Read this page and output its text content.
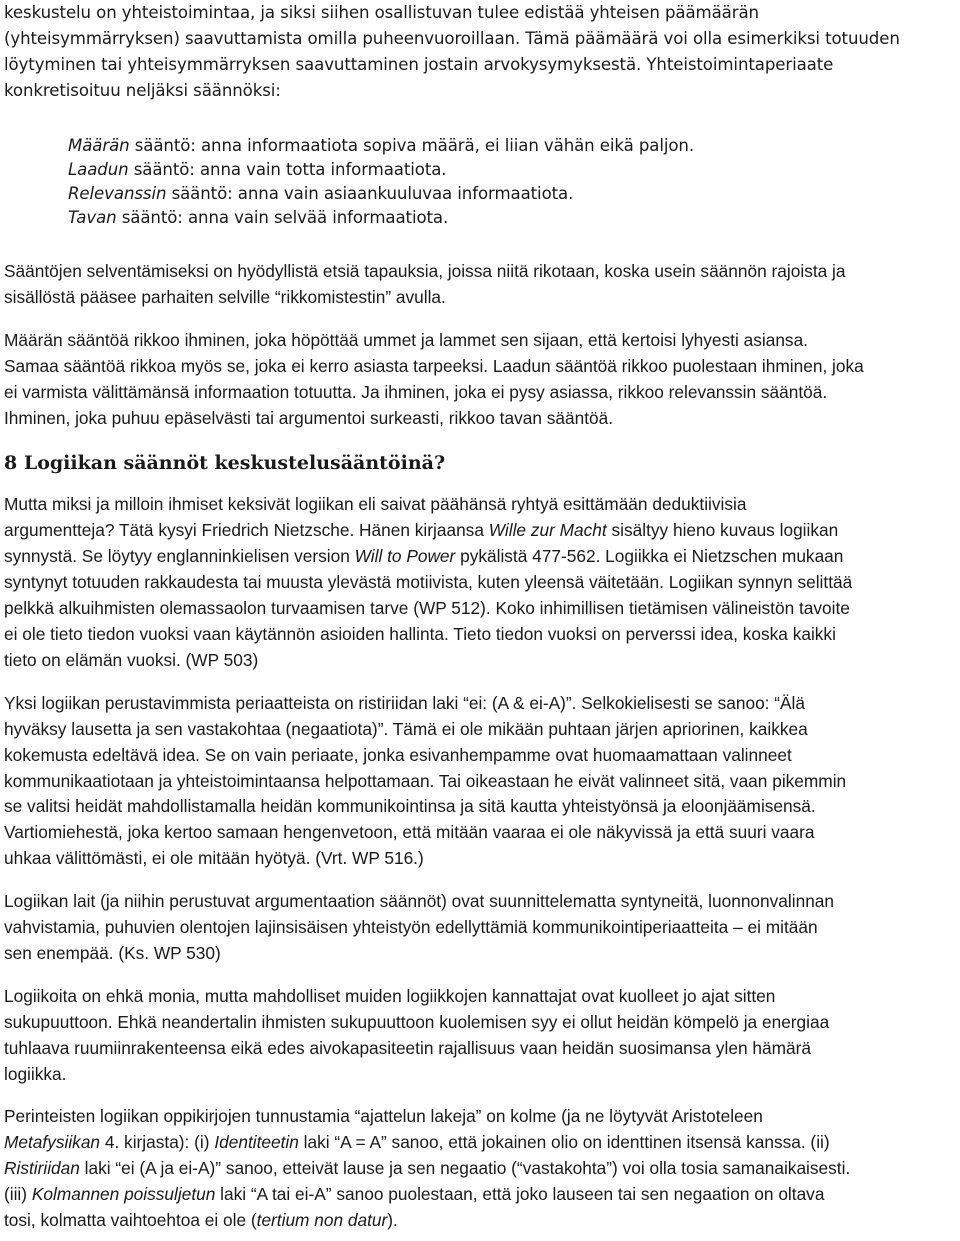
keskustelu on yhteistoimintaa, ja siksi siihen osallistuvan tulee edistää yhteisen päämäärän
(yhteisymmärryksen) saavuttamista omilla puheenvuoroillaan. Tämä päämäärä voi olla esimerkiksi totuuden
löytyminen tai yhteisymmärryksen saavuttaminen jostain arvokysymyksestä. Yhteistoimintaperiaate
konkretisoituu neljäksi säännöksi:
Määrän sääntö: anna informaatiota sopiva määrä, ei liian vähän eikä paljon.
Laadun sääntö: anna vain totta informaatiota.
Relevanssin sääntö: anna vain asiaankuuluvaa informaatiota.
Tavan sääntö: anna vain selvää informaatiota.

Sääntöjen selventämiseksi on hyödyllistä etsiä tapauksia, joissa niitä rikotaan, koska usein säännön rajoista ja
sisällöstä pääsee parhaiten selville “rikkomistestin” avulla.

Määrän sääntöä rikkoo ihminen, joka höpöttää ummet ja lammet sen sijaan, että kertoisi lyhyesti asiansa.
Samaa sääntöä rikkoa myös se, joka ei kerro asiasta tarpeeksi. Laadun sääntöä rikkoo puolestaan ihminen, joka
ei varmista välittämänsä informaation totuutta. Ja ihminen, joka ei pysy asiassa, rikkoo relevanssin sääntöä.
Ihminen, joka puhuu epäselvästi tai argumentoi surkeasti, rikkoo tavan sääntöä.

8 Logiikan säännöt keskustelusääntöinä?

Mutta miksi ja milloin ihmiset keksivät logiikan eli saivat päähänsä ryhtyä esittämään deduktiivisia
argumentteja? Tätä kysyi Friedrich Nietzsche. Hänen kirjaansa Wille zur Macht sisältyy hieno kuvaus logiikan
synnystä. Se löytyy englanninkielisen version Will to Power pykälistä 477-562. Logiikka ei Nietzschen mukaan
syntynyt totuuden rakkaudesta tai muusta ylevästä motiivista, kuten yleensä väitetään. Logiikan synnyn selittää
pelkkä alkuihmisten olemassaolon turvaamisen tarve (WP 512). Koko inhimillisen tietämisen välineistön tavoite
ei ole tieto tiedon vuoksi vaan käytännön asioiden hallinta. Tieto tiedon vuoksi on perverssi idea, koska kaikki
tieto on elämän vuoksi. (WP 503)

Yksi logiikan perustavimmista periaatteista on ristiriidan laki “ei: (A & ei-A)”. Selkokielisesti se sanoo: “Älä
hyväksy lausetta ja sen vastakohtaa (negaatiota)”. Tämä ei ole mikään puhtaan järjen apriorinen, kaikkea
kokemusta edeltävä idea. Se on vain periaate, jonka esivanhempamme ovat huomaamattaan valinneet
kommunikaatiotaan ja yhteistoimintaansa helpottamaan. Tai oikeastaan he eivät valinneet sitä, vaan pikemmin
se valitsi heidät mahdollistamalla heidän kommunikointinsa ja sitä kautta yhteistyönsä ja eloonjäämisensä.
Vartiomiehestä, joka kertoo samaan hengenvetoon, että mitään vaaraa ei ole näkyvissä ja että suuri vaara
uhkaa välittömästi, ei ole mitään hyötyä. (Vrt. WP 516.)

Logiikan lait (ja niihin perustuvat argumentaation säännöt) ovat suunnittelematta syntyneitä, luonnonvalinnan
vahvistamia, puhuvien olentojen lajinsisäisen yhteistyön edellyttämiä kommunikointiperiaatteita – ei mitään
sen enempää. (Ks. WP 530)

Logiikoita on ehkä monia, mutta mahdolliset muiden logiikkojen kannattajat ovat kuolleet jo ajat sitten
sukupuuttoon. Ehkä neandertalin ihmisten sukupuuttoon kuolemisen syy ei ollut heidän kömpelö ja energiaa
tuhlaava ruumiinrakenteensa eikä edes aivokapasiteetin rajallisuus vaan heidän suosimansa ylen hämärä
logiikka.

Perinteisten logiikan oppikirjojen tunnustamia “ajattelun lakeja” on kolme (ja ne löytyvät Aristoteleen
Metafysiikan 4. kirjasta): (i) Identiteetin laki “A = A” sanoo, että jokainen olio on identtinen itsensä kanssa. (ii)
Ristiriidan laki “ei (A ja ei-A)” sanoo, etteivät lause ja sen negaatio (“vastakohta”) voi olla tosia samanaikaisesti.
(iii) Kolmannen poissuljetun laki “A tai ei-A” sanoo puolestaan, että joko lauseen tai sen negaation on oltava
tosi, kolmatta vaihtoehtoa ei ole (tertium non datur).
